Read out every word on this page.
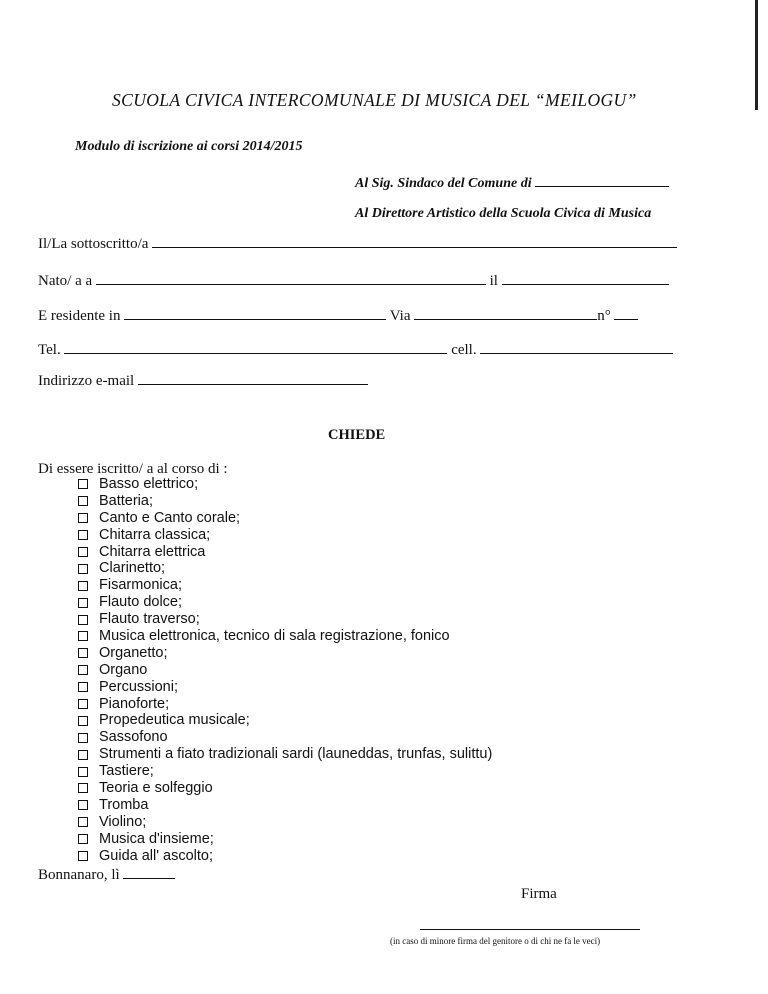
SCUOLA CIVICA INTERCOMUNALE DI MUSICA DEL “MEILOGU”
Modulo di iscrizione ai corsi 2014/2015
Al Sig. Sindaco del Comune di
Al Direttore Artistico della Scuola Civica di Musica
Il/La sottoscritto/a
Nato/ a a	il
E residente in	Via	n°
Tel.	cell.
Indirizzo e-mail
CHIEDE
Di essere iscritto/ a al corso di :
Basso elettrico;
Batteria;
Canto e Canto corale;
Chitarra classica;
Chitarra elettrica
Clarinetto;
Fisarmonica;
Flauto dolce;
Flauto traverso;
Musica elettronica, tecnico di sala registrazione, fonico
Organetto;
Organo
Percussioni;
Pianoforte;
Propedeutica musicale;
Sassofono
Strumenti a fiato tradizionali sardi (launeddas, trunfas, sulittu)
Tastiere;
Teoria e solfeggio
Tromba
Violino;
Musica d'insieme;
Guida all' ascolto;
Bonnanaro, lì
Firma
(in caso di minore firma del genitore o di chi ne fa le veci)
